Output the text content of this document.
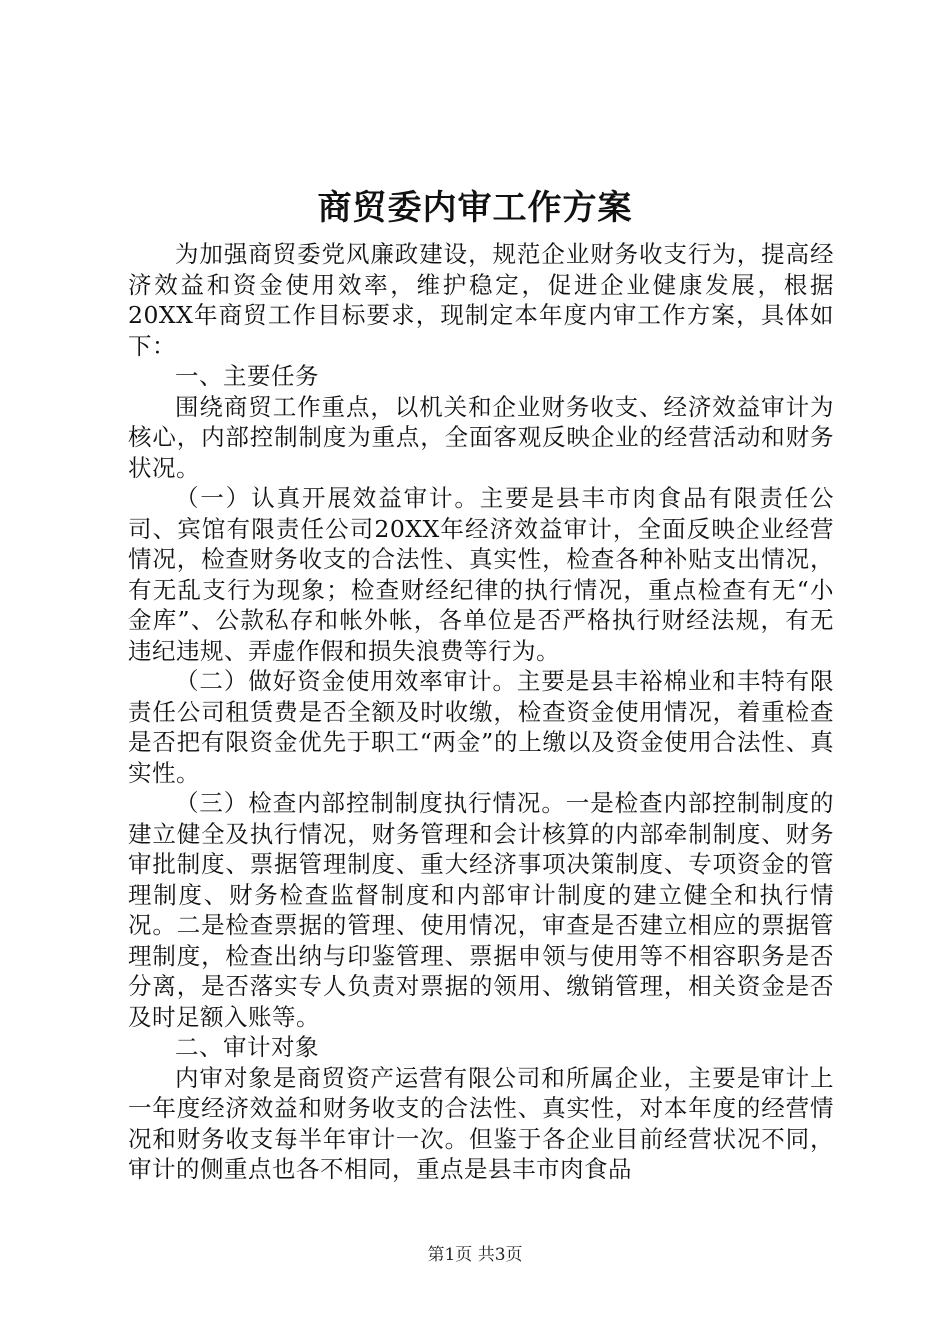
商贸委内审工作方案

为加强商贸委党风廉政建设，规范企业财务收支行为，提高经济效益和资金使用效率，维护稳定，促进企业健康发展，根据20XX年商贸工作目标要求，现制定本年度内审工作方案，具体如下：

一、主要任务

围绕商贸工作重点，以机关和企业财务收支、经济效益审计为核心，内部控制制度为重点，全面客观反映企业的经营活动和财务状况。

（一）认真开展效益审计。主要是县丰市肉食品有限责任公司、宾馆有限责任公司20XX年经济效益审计，全面反映企业经营情况，检查财务收支的合法性、真实性，检查各种补贴支出情况，有无乱支行为现象；检查财经纪律的执行情况，重点检查有无“小金库”、公款私存和帐外帐，各单位是否严格执行财经法规，有无违纪违规、弄虚作假和损失浪费等行为。

（二）做好资金使用效率审计。主要是县丰裕棉业和丰特有限责任公司租赁费是否全额及时收缴，检查资金使用情况，着重检查是否把有限资金优先于职工“两金”的上缴以及资金使用合法性、真实性。

（三）检查内部控制制度执行情况。一是检查内部控制制度的建立健全及执行情况，财务管理和会计核算的内部牵制制度、财务审批制度、票据管理制度、重大经济事项决策制度、专项资金的管理制度、财务检查监督制度和内部审计制度的建立健全和执行情况。二是检查票据的管理、使用情况，审查是否建立相应的票据管理制度，检查出纳与印鉴管理、票据申领与使用等不相容职务是否分离，是否落实专人负责对票据的领用、缴销管理，相关资金是否及时足额入账等。

二、审计对象

内审对象是商贸资产运营有限公司和所属企业，主要是审计上一年度经济效益和财务收支的合法性、真实性，对本年度的经营情况和财务收支每半年审计一次。但鉴于各企业目前经营状况不同，审计的侧重点也各不相同，重点是县丰市肉食品

第1页 共3页
